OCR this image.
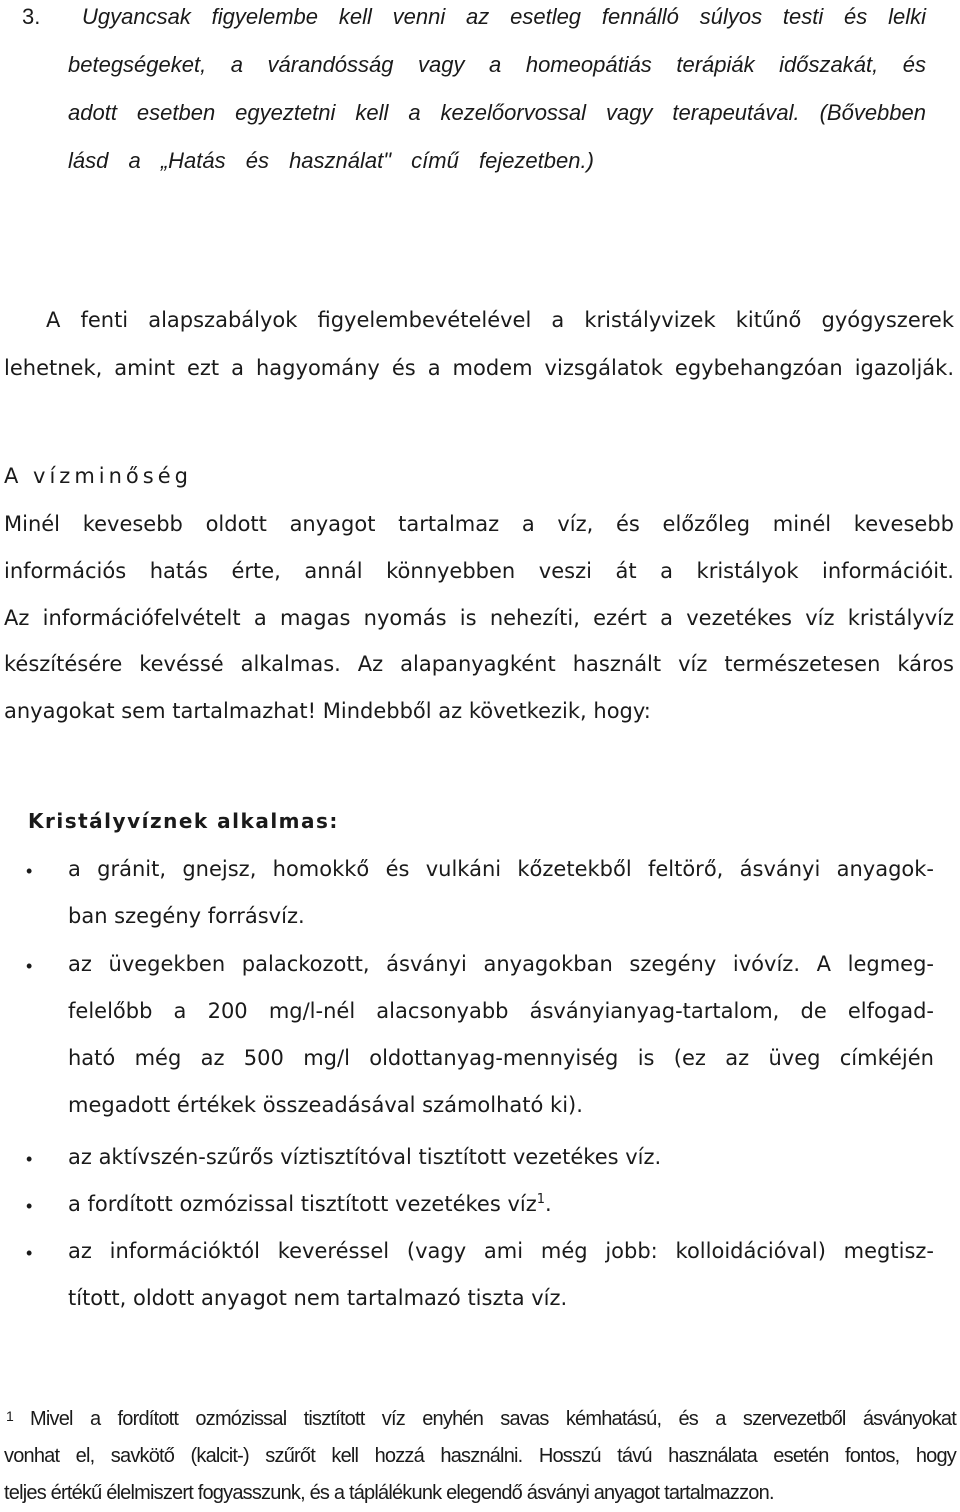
3. Ugyancsak figyelembe kell venni az esetleg fennálló súlyos testi és lelki
betegségeket, a várandósság vagy a homeopátiás terápiák időszakát, és
adott esetben egyeztetni kell a kezelőorvossal vagy terapeutával. (Bővebben
lásd a „Hatás és használat" című fejezetben.)
A fenti alapszabályok figyelembevételével a kristályvizek kitűnő gyógyszerek
lehetnek, amint ezt a hagyomány és a modem vizsgálatok egybehangzóan igazolják.
A vízminőség
Minél kevesebb oldott anyagot tartalmaz a víz, és előzőleg minél kevesebb
információs hatás érte, annál könnyebben veszi át a kristályok információit.
Az információfelvételt a magas nyomás is nehezíti, ezért a vezetékes víz kristályvíz
készítésére kevéssé alkalmas. Az alapanyagként használt víz természetesen káros
anyagokat sem tartalmazhat! Mindebből az következik, hogy:
Kristályvíznek alkalmas:
• a gránit, gnejsz, homokkő és vulkáni kőzetekből feltörő, ásványi anyagok-
ban szegény forrásvíz.
• az üvegekben palackozott, ásványi anyagokban szegény ivóvíz. A legmeg-
felelőbb a 200 mg/l-nél alacsonyabb ásványianyag-tartalom, de elfogad-
ható még az 500 mg/l oldottanyag-mennyiség is (ez az üveg címkéjén
megadott értékek összeadásával számolható ki).
• az aktívszén-szűrős víztisztítóval tisztított vezetékes víz.
a fordított ozmózissal tisztított vezetékes víz$^1$.
•
• az információktól keveréssel (vagy ami még jobb: kolloidációval) megtisz-
tított, oldott anyagot nem tartalmazó tiszta víz.
1 Mivel a fordított ozmózissal tisztított víz enyhén savas kémhatású, és a szervezetből ásványokat
vonhat el, savkötő (kalcit-) szűrőt kell hozzá használni. Hosszú távú használata esetén fontos, hogy
teljes értékű élelmiszert fogyasszunk, és a táplálékunk elegendő ásványi anyagot tartalmazzon.
